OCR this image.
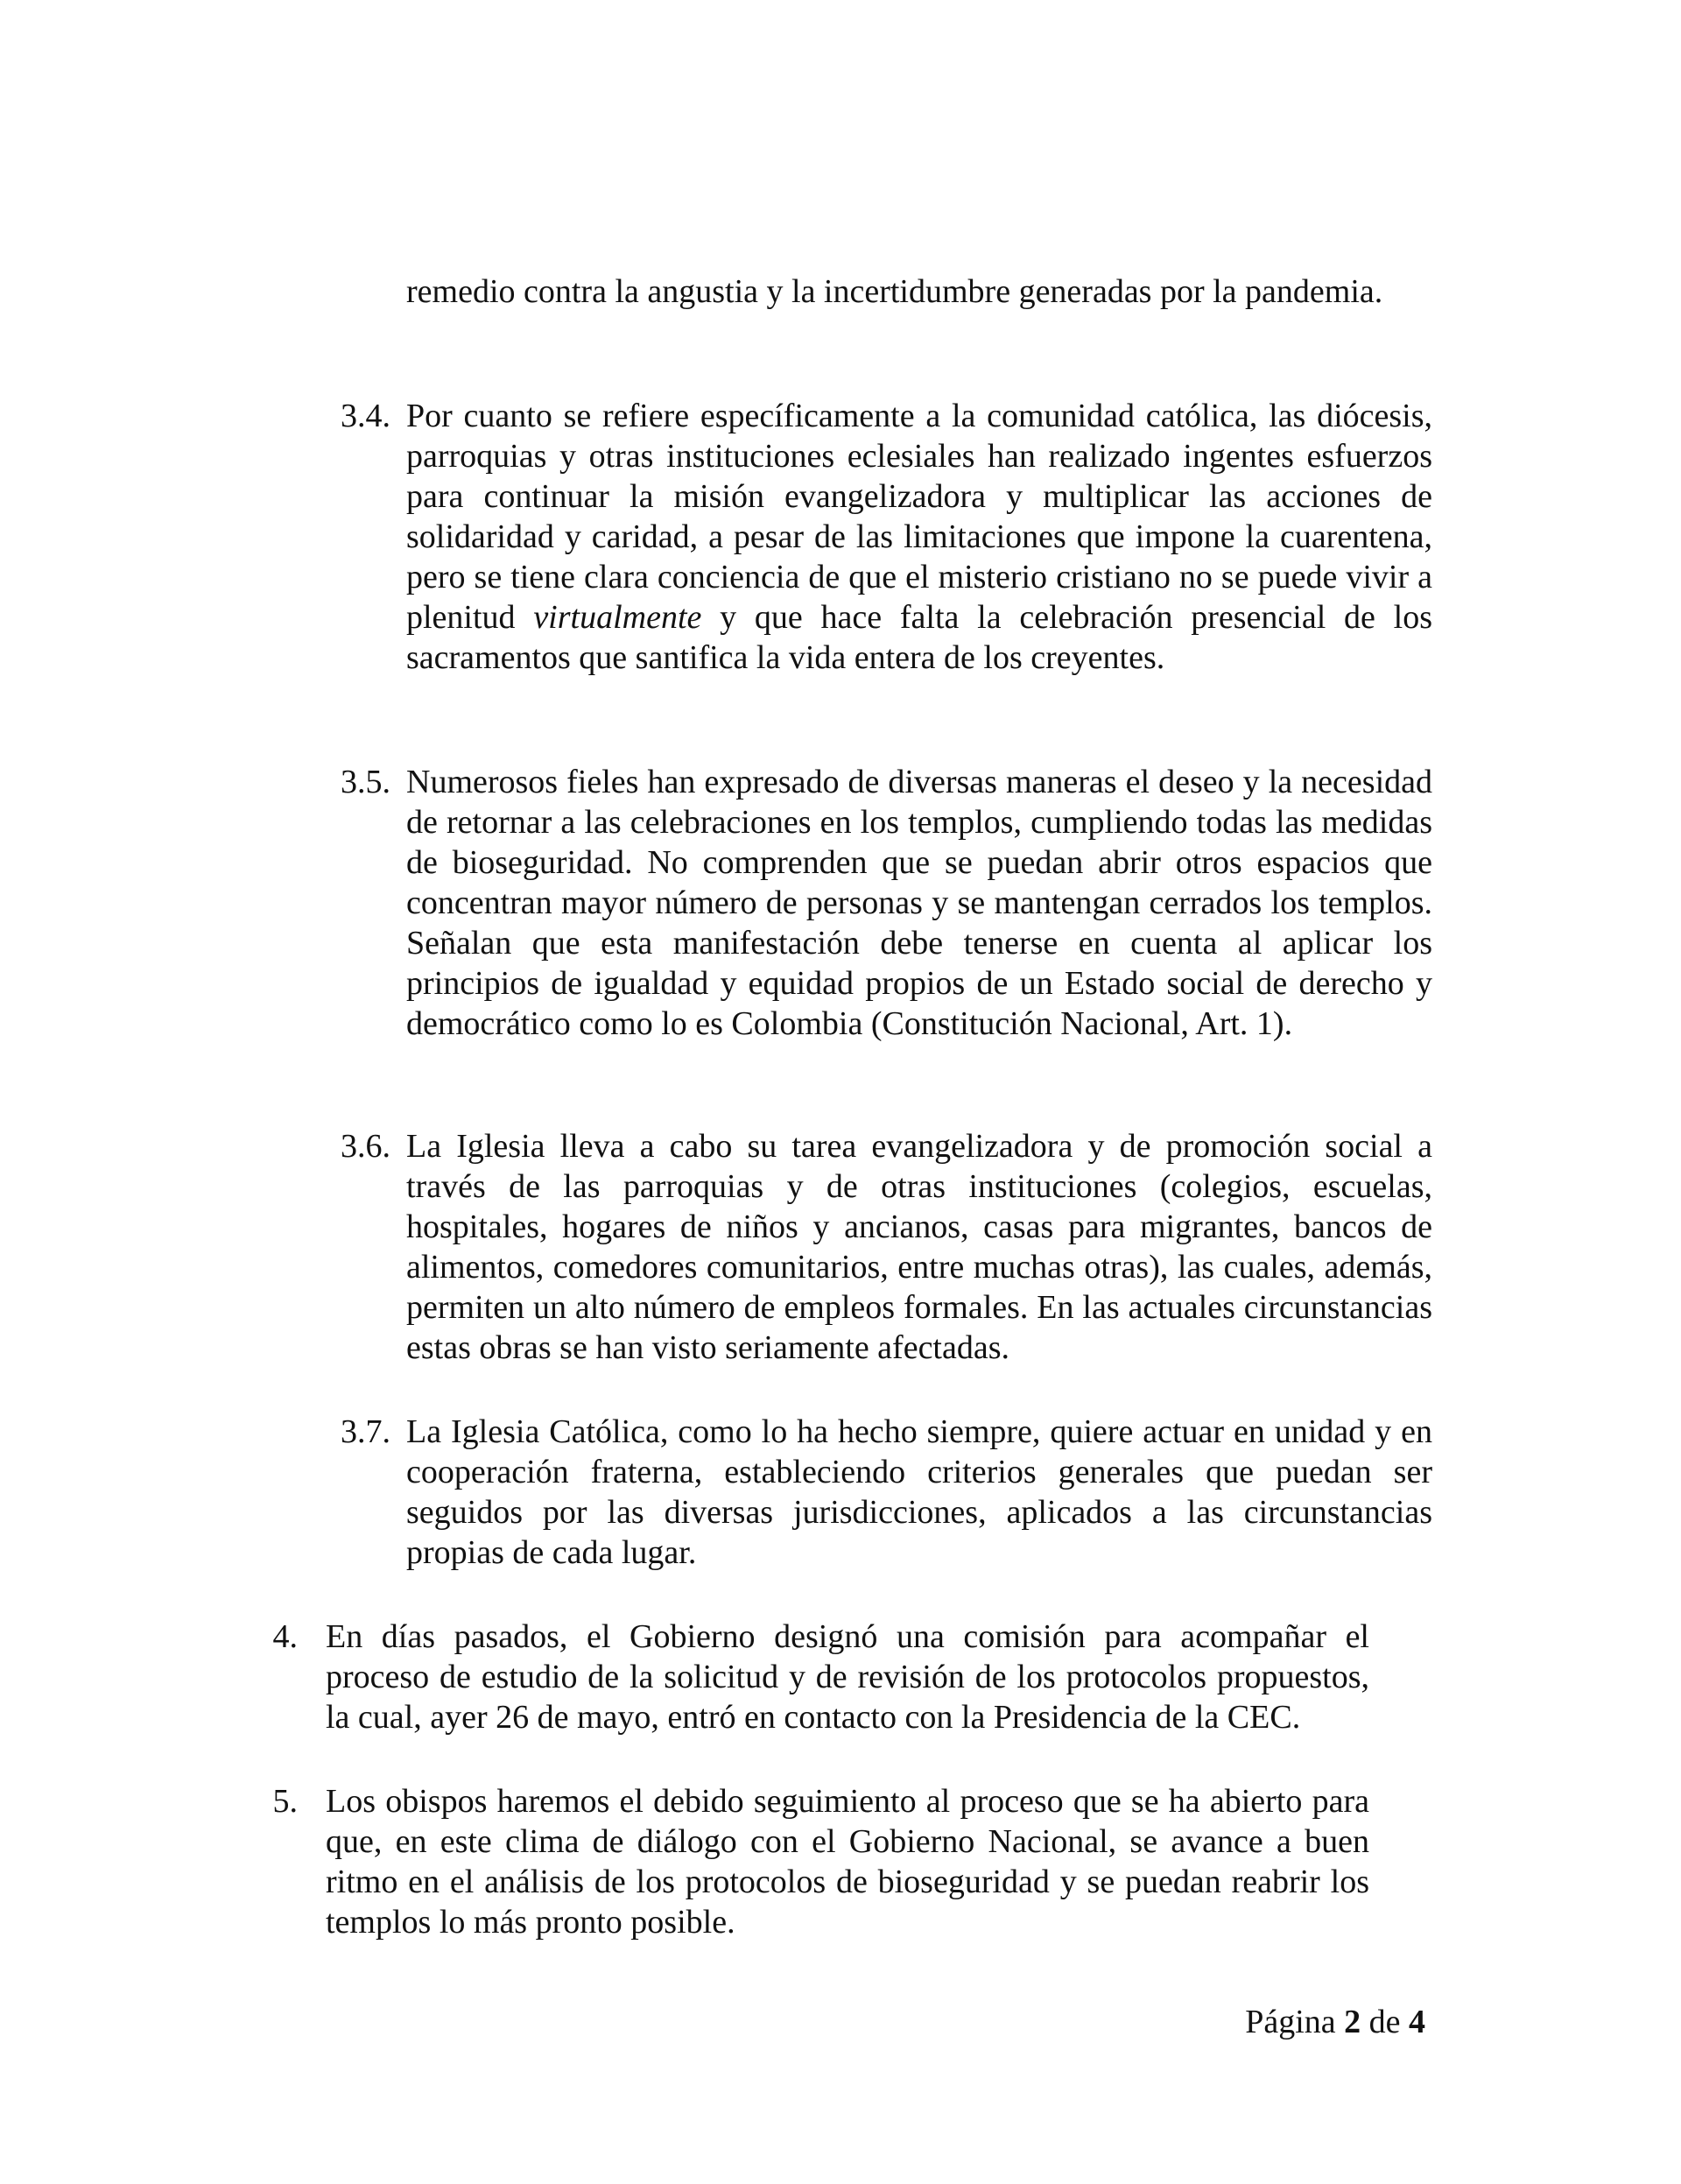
remedio contra la angustia y la incertidumbre generadas por la pandemia.
3.4. Por cuanto se refiere específicamente a la comunidad católica, las diócesis, parroquias y otras instituciones eclesiales han realizado ingentes esfuerzos para continuar la misión evangelizadora y multiplicar las acciones de solidaridad y caridad, a pesar de las limitaciones que impone la cuarentena, pero se tiene clara conciencia de que el misterio cristiano no se puede vivir a plenitud virtualmente y que hace falta la celebración presencial de los sacramentos que santifica la vida entera de los creyentes.
3.5. Numerosos fieles han expresado de diversas maneras el deseo y la necesidad de retornar a las celebraciones en los templos, cumpliendo todas las medidas de bioseguridad. No comprenden que se puedan abrir otros espacios que concentran mayor número de personas y se mantengan cerrados los templos. Señalan que esta manifestación debe tenerse en cuenta al aplicar los principios de igualdad y equidad propios de un Estado social de derecho y democrático como lo es Colombia (Constitución Nacional, Art. 1).
3.6. La Iglesia lleva a cabo su tarea evangelizadora y de promoción social a través de las parroquias y de otras instituciones (colegios, escuelas, hospitales, hogares de niños y ancianos, casas para migrantes, bancos de alimentos, comedores comunitarios, entre muchas otras), las cuales, además, permiten un alto número de empleos formales. En las actuales circunstancias estas obras se han visto seriamente afectadas.
3.7. La Iglesia Católica, como lo ha hecho siempre, quiere actuar en unidad y en cooperación fraterna, estableciendo criterios generales que puedan ser seguidos por las diversas jurisdicciones, aplicados a las circunstancias propias de cada lugar.
4. En días pasados, el Gobierno designó una comisión para acompañar el proceso de estudio de la solicitud y de revisión de los protocolos propuestos, la cual, ayer 26 de mayo, entró en contacto con la Presidencia de la CEC.
5. Los obispos haremos el debido seguimiento al proceso que se ha abierto para que, en este clima de diálogo con el Gobierno Nacional, se avance a buen ritmo en el análisis de los protocolos de bioseguridad y se puedan reabrir los templos lo más pronto posible.
Página 2 de 4
